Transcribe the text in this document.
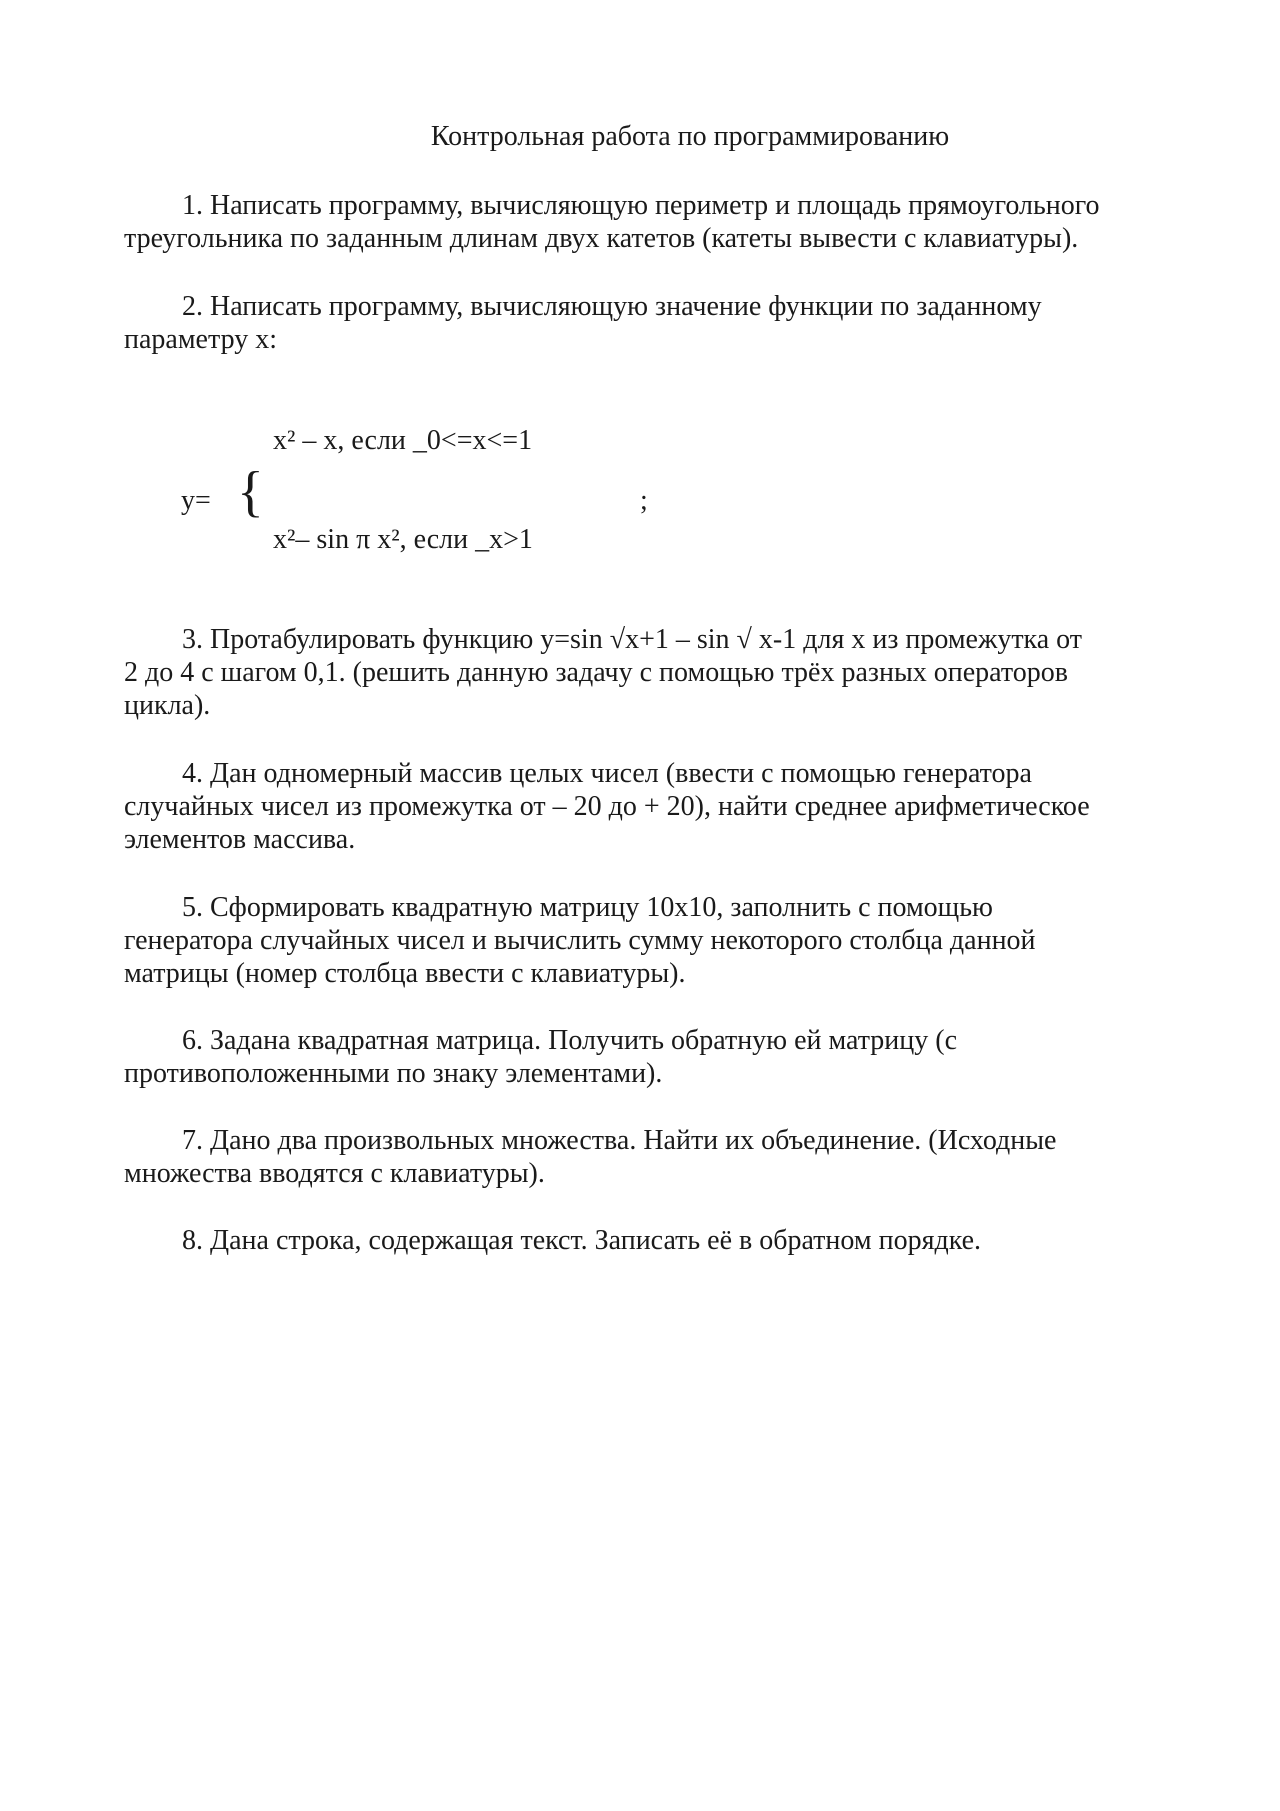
Контрольная работа по программированию

1. Написать программу, вычисляющую периметр и площадь прямоугольного
треугольника по заданным длинам двух катетов (катеты вывести с клавиатуры).

2. Написать программу, вычисляющую значение функции по заданному
параметру x:

x² – x, если _0<=x<=1

y= {	;

x²– sin π x², если _x>1

3. Протабулировать функцию y=sin √x+1 – sin √ x-1 для x из промежутка от
2 до 4 с шагом 0,1. (решить данную задачу с помощью трёх разных операторов
цикла).

4. Дан одномерный массив целых чисел (ввести с помощью генератора
случайных чисел из промежутка от – 20 до + 20), найти среднее арифметическое
элементов массива.

5. Сформировать квадратную матрицу 10x10, заполнить с помощью
генератора случайных чисел и вычислить сумму некоторого столбца данной
матрицы (номер столбца ввести с клавиатуры).

6. Задана квадратная матрица. Получить обратную ей матрицу (с
противоположенными по знаку элементами).

7. Дано два произвольных множества. Найти их объединение. (Исходные
множества вводятся с клавиатуры).

8. Дана строка, содержащая текст. Записать её в обратном порядке.
